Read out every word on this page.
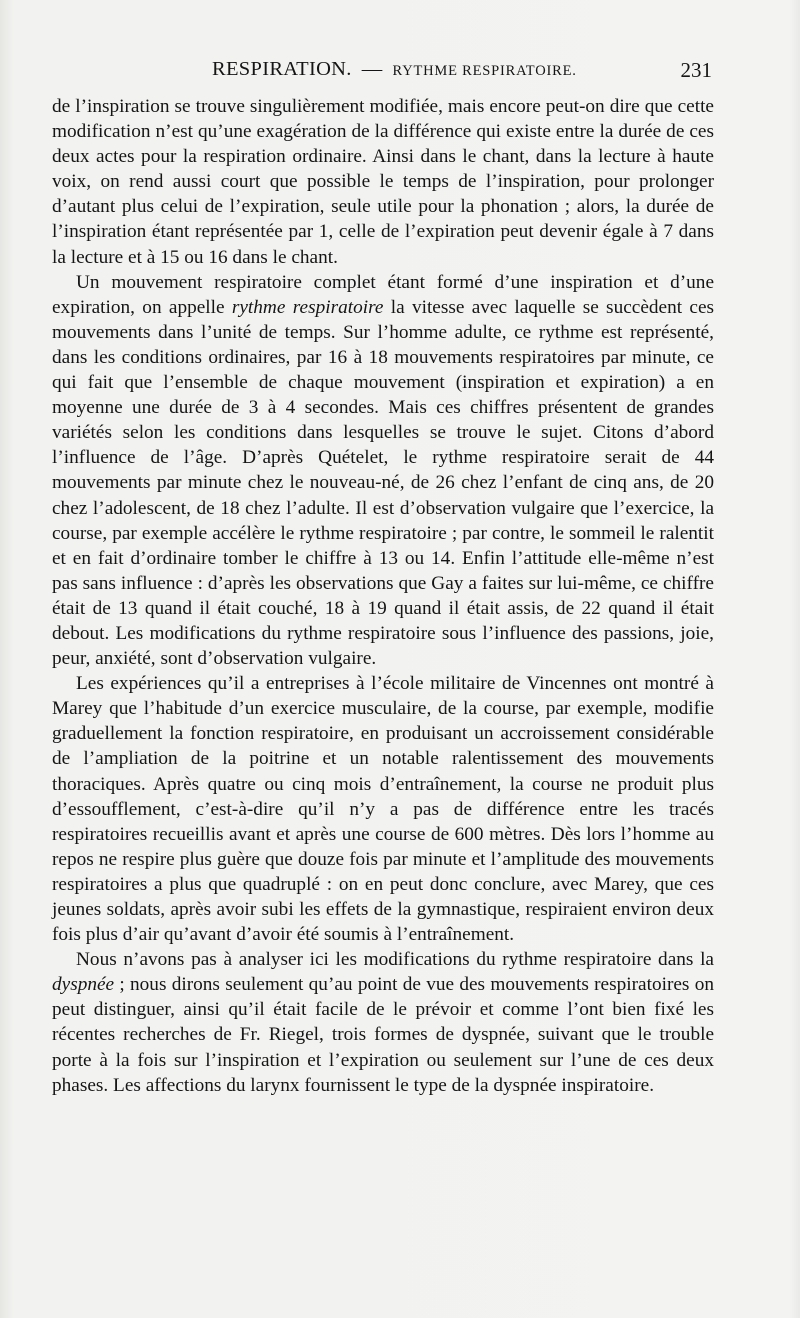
RESPIRATION. — RYTHME RESPIRATOIRE.	231

de l’inspiration se trouve singulièrement modifiée, mais encore peut-on dire que cette modification n’est qu’une exagération de la différence qui existe entre la durée de ces deux actes pour la respiration ordinaire. Ainsi dans le chant, dans la lecture à haute voix, on rend aussi court que possible le temps de l’inspiration, pour prolonger d’autant plus celui de l’expiration, seule utile pour la phonation ; alors, la durée de l’inspiration étant représentée par 1, celle de l’expiration peut devenir égale à 7 dans la lecture et à 15 ou 16 dans le chant.

Un mouvement respiratoire complet étant formé d’une inspiration et d’une expiration, on appelle rythme respiratoire la vitesse avec laquelle se succèdent ces mouvements dans l’unité de temps. Sur l’homme adulte, ce rythme est représenté, dans les conditions ordinaires, par 16 à 18 mouvements respiratoires par minute, ce qui fait que l’ensemble de chaque mouvement (inspiration et expiration) a en moyenne une durée de 3 à 4 secondes. Mais ces chiffres présentent de grandes variétés selon les conditions dans lesquelles se trouve le sujet. Citons d’abord l’influence de l’âge. D’après Quételet, le rythme respiratoire serait de 44 mouvements par minute chez le nouveau-né, de 26 chez l’enfant de cinq ans, de 20 chez l’adolescent, de 18 chez l’adulte. Il est d’observation vulgaire que l’exercice, la course, par exemple accélère le rythme respiratoire ; par contre, le sommeil le ralentit et en fait d’ordinaire tomber le chiffre à 13 ou 14. Enfin l’attitude elle-même n’est pas sans influence : d’après les observations que Gay a faites sur lui-même, ce chiffre était de 13 quand il était couché, 18 à 19 quand il était assis, de 22 quand il était debout. Les modifications du rythme respiratoire sous l’influence des passions, joie, peur, anxiété, sont d’observation vulgaire.

Les expériences qu’il a entreprises à l’école militaire de Vincennes ont montré à Marey que l’habitude d’un exercice musculaire, de la course, par exemple, modifie graduellement la fonction respiratoire, en produisant un accroissement considérable de l’ampliation de la poitrine et un notable ralentissement des mouvements thoraciques. Après quatre ou cinq mois d’entraînement, la course ne produit plus d’essoufflement, c’est-à-dire qu’il n’y a pas de différence entre les tracés respiratoires recueillis avant et après une course de 600 mètres. Dès lors l’homme au repos ne respire plus guère que douze fois par minute et l’amplitude des mouvements respiratoires a plus que quadruplé : on en peut donc conclure, avec Marey, que ces jeunes soldats, après avoir subi les effets de la gymnastique, respiraient environ deux fois plus d’air qu’avant d’avoir été soumis à l’entraînement.

Nous n’avons pas à analyser ici les modifications du rythme respiratoire dans la dyspnée ; nous dirons seulement qu’au point de vue des mouvements respiratoires on peut distinguer, ainsi qu’il était facile de le prévoir et comme l’ont bien fixé les récentes recherches de Fr. Riegel, trois formes de dyspnée, suivant que le trouble porte à la fois sur l’inspiration et l’expiration ou seulement sur l’une de ces deux phases. Les affections du larynx fournissent le type de la dyspnée inspiratoire.
